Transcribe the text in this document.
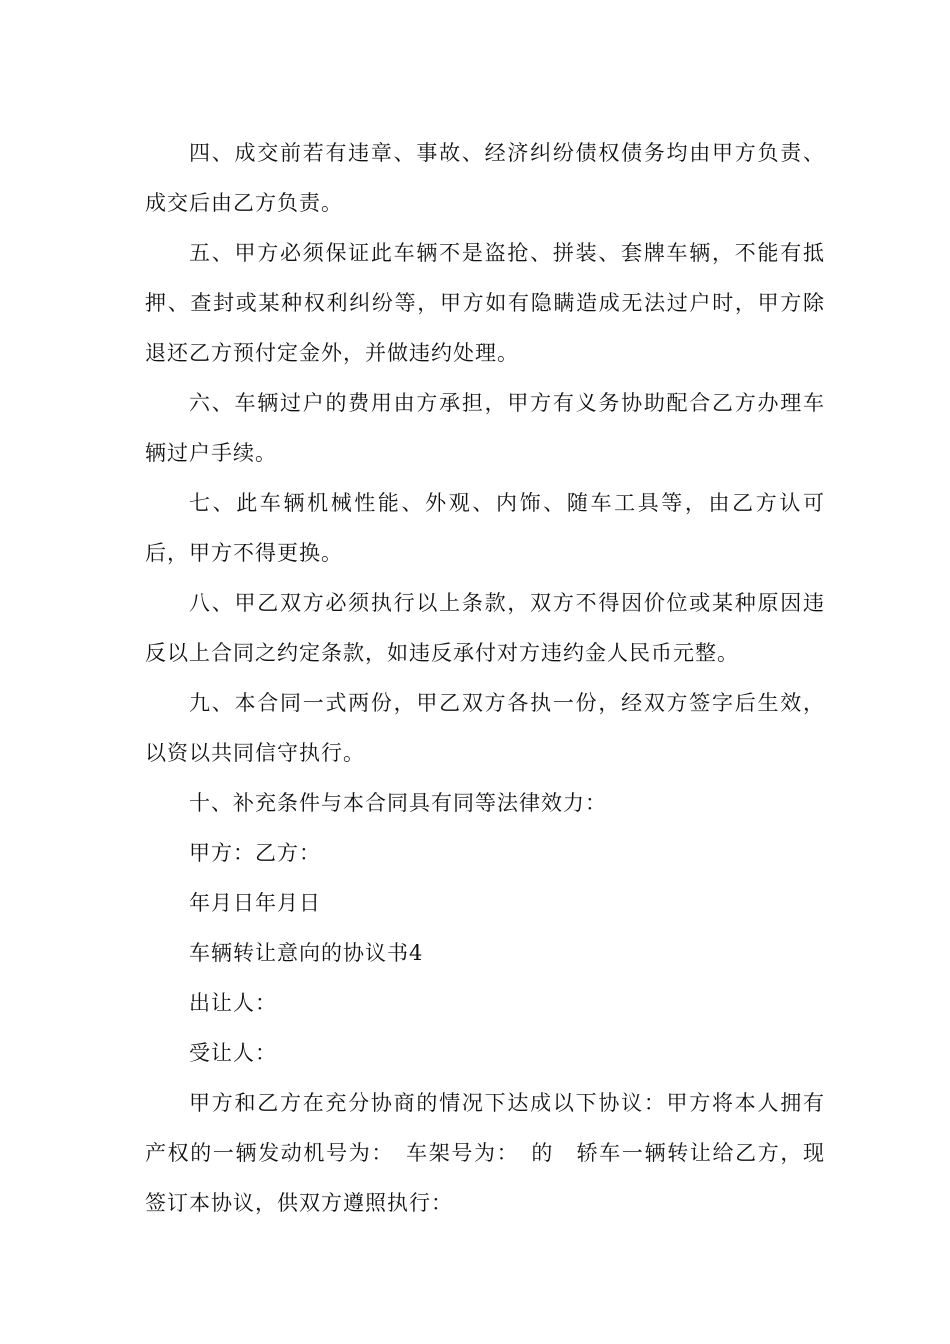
四、成交前若有违章、事故、经济纠纷债权债务均由甲方负责、成交后由乙方负责。

五、甲方必须保证此车辆不是盗抢、拼装、套牌车辆，不能有抵押、查封或某种权利纠纷等，甲方如有隐瞒造成无法过户时，甲方除退还乙方预付定金外，并做违约处理。

六、车辆过户的费用由方承担，甲方有义务协助配合乙方办理车辆过户手续。

七、此车辆机械性能、外观、内饰、随车工具等，由乙方认可后，甲方不得更换。

八、甲乙双方必须执行以上条款，双方不得因价位或某种原因违反以上合同之约定条款，如违反承付对方违约金人民币元整。

九、本合同一式两份，甲乙双方各执一份，经双方签字后生效，以资以共同信守执行。

十、补充条件与本合同具有同等法律效力：

甲方：乙方：

年月日年月日

车辆转让意向的协议书4

出让人：

受让人：

甲方和乙方在充分协商的情况下达成以下协议：甲方将本人拥有产权的一辆发动机号为：　车架号为：　的　轿车一辆转让给乙方，现签订本协议，供双方遵照执行：
